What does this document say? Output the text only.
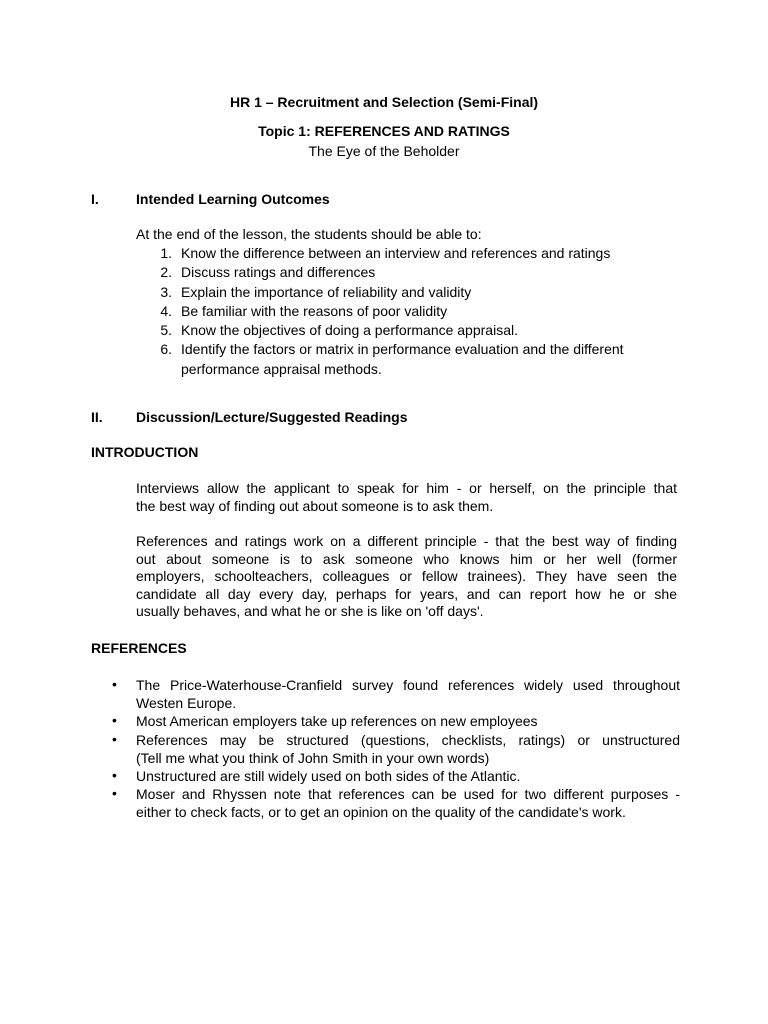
HR 1 – Recruitment and Selection (Semi-Final)
Topic 1: REFERENCES AND RATINGS
The Eye of the Beholder
I.	Intended Learning Outcomes
At the end of the lesson, the students should be able to:
1. Know the difference between an interview and references and ratings
2. Discuss ratings and differences
3. Explain the importance of reliability and validity
4. Be familiar with the reasons of poor validity
5. Know the objectives of doing a performance appraisal.
6. Identify the factors or matrix in performance evaluation and the different
performance appraisal methods.
II. Discussion/Lecture/Suggested Readings
INTRODUCTION
Interviews allow the applicant to speak for him - or herself, on the principle that
the best way of finding out about someone is to ask them.
References and ratings work on a different principle - that the best way of finding
out about someone is to ask someone who knows him or her well (former
employers, schoolteachers, colleagues or fellow trainees). They have seen the
candidate all day every day, perhaps for years, and can report how he or she
usually behaves, and what he or she is like on 'off days'.
REFERENCES
• The Price-Waterhouse-Cranfield survey found references widely used throughout
Westen Europe.
• Most American employers take up references on new employees
• References may be structured (questions, checklists, ratings) or unstructured
(Tell me what you think of John Smith in your own words)
• Unstructured are still widely used on both sides of the Atlantic.
• Moser and Rhyssen note that references can be used for two different purposes -
either to check facts, or to get an opinion on the quality of the candidate's work.
